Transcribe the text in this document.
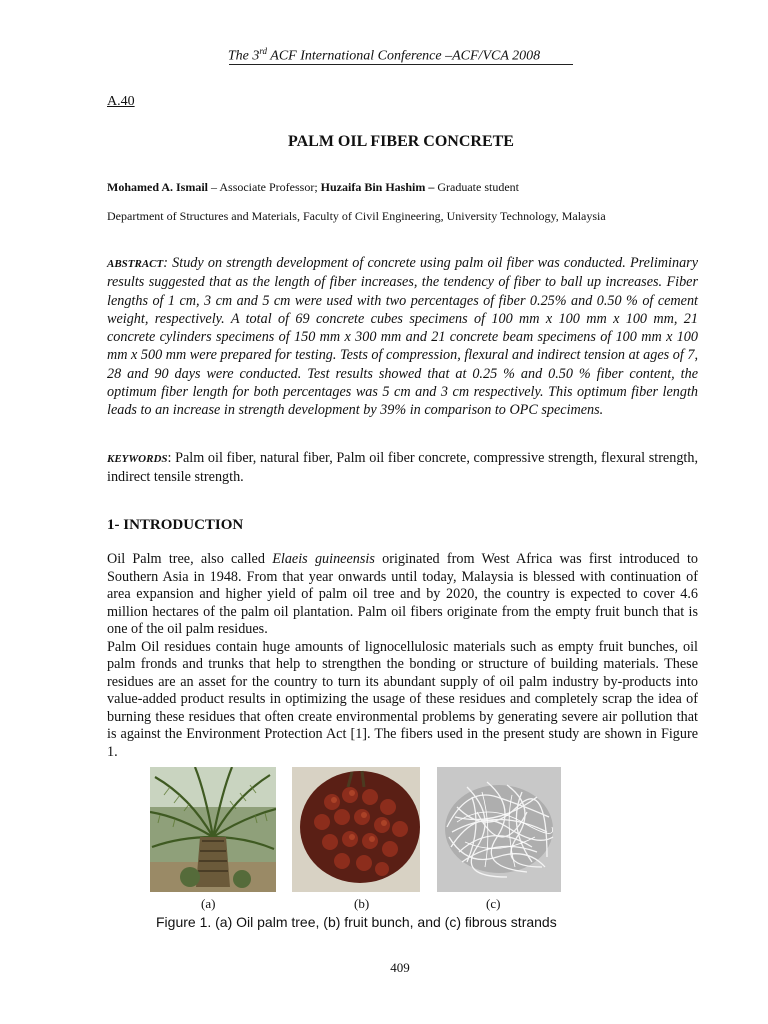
The 3rd ACF International Conference –ACF/VCA 2008
A.40
PALM OIL FIBER CONCRETE
Mohamed A. Ismail – Associate Professor; Huzaifa Bin Hashim – Graduate student
Department of Structures and Materials, Faculty of Civil Engineering, University Technology, Malaysia
ABSTRACT: Study on strength development of concrete using palm oil fiber was conducted. Preliminary results suggested that as the length of fiber increases, the tendency of fiber to ball up increases. Fiber lengths of 1 cm, 3 cm and 5 cm were used with two percentages of fiber 0.25% and 0.50 % of cement weight, respectively. A total of 69 concrete cubes specimens of 100 mm x 100 mm x 100 mm, 21 concrete cylinders specimens of 150 mm x 300 mm and 21 concrete beam specimens of 100 mm x 100 mm x 500 mm were prepared for testing. Tests of compression, flexural and indirect tension at ages of 7, 28 and 90 days were conducted. Test results showed that at 0.25 % and 0.50 % fiber content, the optimum fiber length for both percentages was 5 cm and 3 cm respectively. This optimum fiber length leads to an increase in strength development by 39% in comparison to OPC specimens.
KEYWORDS: Palm oil fiber, natural fiber, Palm oil fiber concrete, compressive strength, flexural strength, indirect tensile strength.
1- INTRODUCTION

Oil Palm tree, also called Elaeis guineensis originated from West Africa was first introduced to Southern Asia in 1948. From that year onwards until today, Malaysia is blessed with continuation of area expansion and higher yield of palm oil tree and by 2020, the country is expected to cover 4.6 million hectares of the palm oil plantation. Palm oil fibers originate from the empty fruit bunch that is one of the oil palm residues.

Palm Oil residues contain huge amounts of lignocellulosic materials such as empty fruit bunches, oil palm fronds and trunks that help to strengthen the bonding or structure of building materials. These residues are an asset for the country to turn its abundant supply of oil palm industry by-products into value-added product results in optimizing the usage of these residues and completely scrap the idea of burning these residues that often create environmental problems by generating severe air pollution that is against the Environment Protection Act [1]. The fibers used in the present study are shown in Figure 1.

(a)	(b)	(c)
Figure 1. (a) Oil palm tree, (b) fruit bunch, and (c) fibrous strands
409
